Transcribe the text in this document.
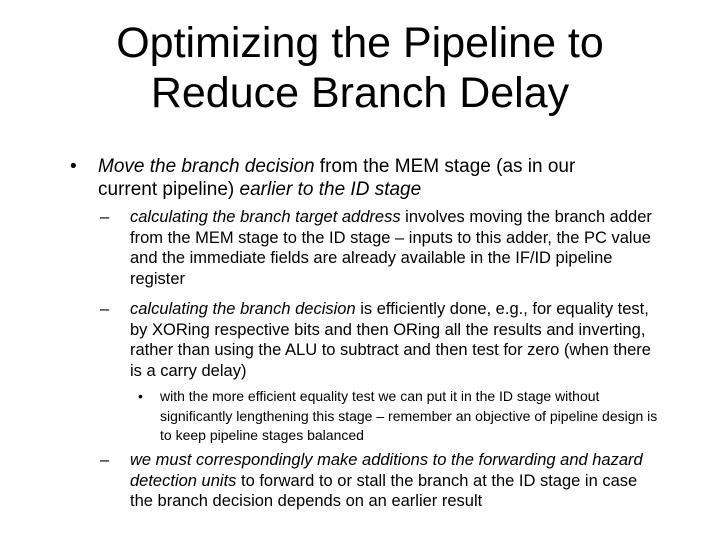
Optimizing the Pipeline to
Reduce Branch Delay
• Move the branch decision from the MEM stage (as in our current pipeline) earlier to the ID stage
– calculating the branch target address involves moving the branch adder from the MEM stage to the ID stage – inputs to this adder, the PC value and the immediate fields are already available in the IF/ID pipeline register
– calculating the branch decision is efficiently done, e.g., for equality test, by XORing respective bits and then ORing all the results and inverting, rather than using the ALU to subtract and then test for zero (when there is a carry delay)
• with the more efficient equality test we can put it in the ID stage without significantly lengthening this stage – remember an objective of pipeline design is to keep pipeline stages balanced
– we must correspondingly make additions to the forwarding and hazard detection units to forward to or stall the branch at the ID stage in case the branch decision depends on an earlier result
